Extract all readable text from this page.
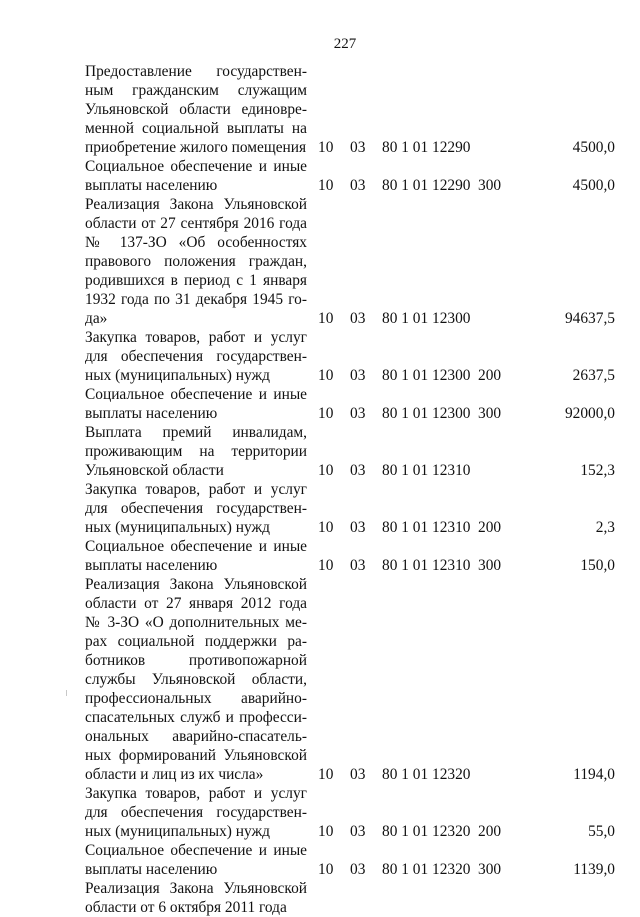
227
Предоставление государствен-
ным гражданским служащим
Ульяновской области единовре-
менной социальной выплаты на
приобретение жилого помещения 10 03 80 1 01 12290	4500,0
Социальное обеспечение и иные
выплаты населению	10 03 80 1 01 12290 300	4500,0
Реализация Закона Ульяновской
области от 27 сентября 2016 года
№ 137-ЗО «Об особенностях
правового положения граждан,
родившихся в период с 1 января
1932 года по 31 декабря 1945 го-
да»	10 03 80 1 01 12300	94637,5
Закупка товаров, работ и услуг
для обеспечения государствен-
ных (муниципальных) нужд	10 03 80 1 01 12300 200	2637,5
Социальное обеспечение и иные
выплаты населению	10 03 80 1 01 12300 300	92000,0
Выплата премий инвалидам,
проживающим на территории
Ульяновской области	10 03 80 1 01 12310	152,3
Закупка товаров, работ и услуг
для обеспечения государствен-
ных (муниципальных) нужд	10 03 80 1 01 12310 200	2,3
Социальное обеспечение и иные
выплаты населению	10 03 80 1 01 12310 300	150,0
Реализация Закона Ульяновской
области от 27 января 2012 года
№ 3-ЗО «О дополнительных ме-
рах социальной поддержки ра-
ботников противопожарной
службы Ульяновской области,
профессиональных аварийно-
спасательных служб и професси-
ональных аварийно-спасатель-
ных формирований Ульяновской
области и лиц из их числа»	10 03 80 1 01 12320	1194,0
Закупка товаров, работ и услуг
для обеспечения государствен-
ных (муниципальных) нужд	10 03 80 1 01 12320 200	55,0
Социальное обеспечение и иные
выплаты населению	10 03 80 1 01 12320 300	1139,0
Реализация Закона Ульяновской
области от 6 октября 2011 года
